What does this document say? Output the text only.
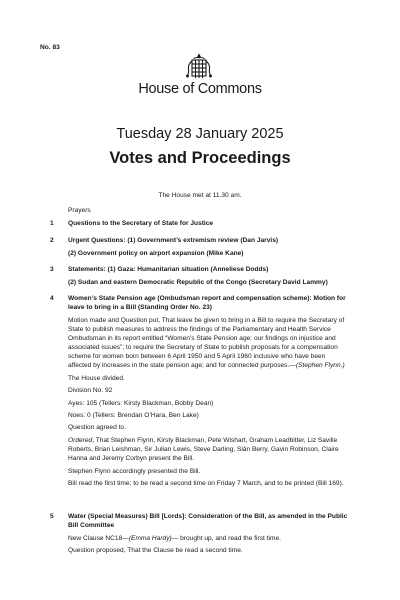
No. 83
House of Commons
Tuesday 28 January 2025
Votes and Proceedings
The House met at 11.30 am.
Prayers
1 Questions to the Secretary of State for Justice
2 Urgent Questions: (1) Government’s extremism review (Dan Jarvis)
(2) Government policy on airport expansion (Mike Kane)
3 Statements: (1) Gaza: Humanitarian situation (Anneliese Dodds)
(2) Sudan and eastern Democratic Republic of the Congo (Secretary David Lammy)
4 Women’s State Pension age (Ombudsman report and compensation scheme): Motion for leave to bring in a Bill (Standing Order No. 23)
Motion made and Question put, That leave be given to bring in a Bill to require the Secretary of State to publish measures to address the findings of the Parliamentary and Health Service Ombudsman in its report entitled “Women’s State Pension age: our findings on injustice and associated issues”; to require the Secretary of State to publish proposals for a compensation scheme for women born between 6 April 1950 and 5 April 1960 inclusive who have been affected by increases in the state pension age; and for connected purposes.—(Stephen Flynn.)
The House divided.
Division No. 92
Ayes: 105 (Tellers: Kirsty Blackman, Bobby Dean)
Noes: 0 (Tellers: Brendan O’Hara, Ben Lake)
Question agreed to.
Ordered, That Stephen Flynn, Kirsty Blackman, Pete Wishart, Graham Leadbitter, Liz Saville Roberts, Brian Leishman, Sir Julian Lewis, Steve Darling, Siân Berry, Gavin Robinson, Claire Hanna and Jeremy Corbyn present the Bill.
Stephen Flynn accordingly presented the Bill.
Bill read the first time; to be read a second time on Friday 7 March, and to be printed (Bill 169).
5 Water (Special Measures) Bill [Lords]: Consideration of the Bill, as amended in the Public Bill Committee
New Clause NC18—(Emma Hardy)— brought up, and read the first time.
Question proposed, That the Clause be read a second time.
